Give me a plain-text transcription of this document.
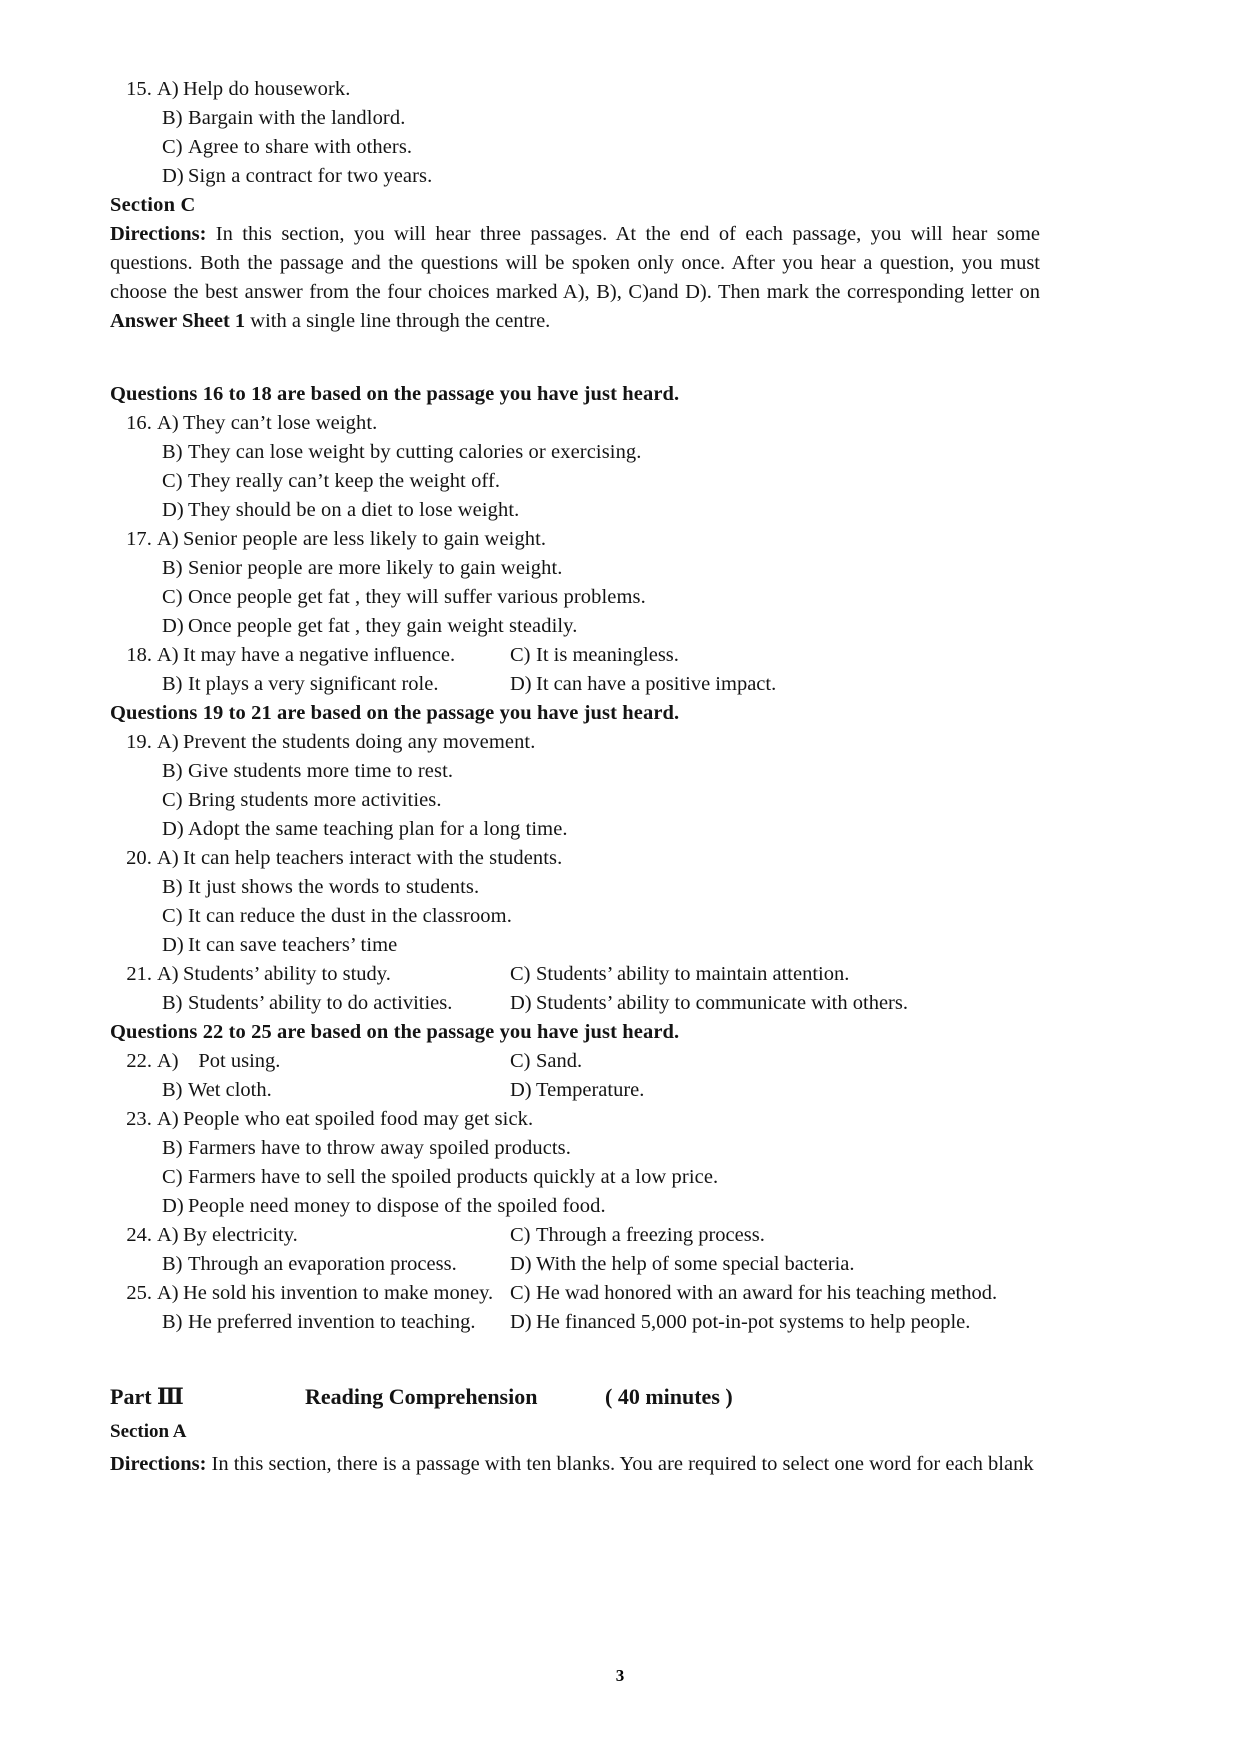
15. A) Help do housework.
B) Bargain with the landlord.
C) Agree to share with others.
D) Sign a contract for two years.
Section C
Directions: In this section, you will hear three passages. At the end of each passage, you will hear some questions. Both the passage and the questions will be spoken only once. After you hear a question, you must choose the best answer from the four choices marked A), B), C)and D). Then mark the corresponding letter on Answer Sheet 1 with a single line through the centre.
Questions 16 to 18 are based on the passage you have just heard.
16. A) They can’t lose weight.
B) They can lose weight by cutting calories or exercising.
C) They really can’t keep the weight off.
D) They should be on a diet to lose weight.
17. A) Senior people are less likely to gain weight.
B) Senior people are more likely to gain weight.
C) Once people get fat , they will suffer various problems.
D) Once people get fat , they gain weight steadily.
18. A) It may have a negative influence.	C) It is meaningless.
B) It plays a very significant role.	D) It can have a positive impact.
Questions 19 to 21 are based on the passage you have just heard.
19. A) Prevent the students doing any movement.
B) Give students more time to rest.
C) Bring students more activities.
D) Adopt the same teaching plan for a long time.
20. A) It can help teachers interact with the students.
B) It just shows the words to students.
C) It can reduce the dust in the classroom.
D) It can save teachers’ time
21. A) Students’ ability to study.	C) Students’ ability to maintain attention.
B) Students’ ability to do activities.	D) Students’ ability to communicate with others.
Questions 22 to 25 are based on the passage you have just heard.
22. A)   Pot using.	C) Sand.
B) Wet cloth.	D) Temperature.
23. A) People who eat spoiled food may get sick.
B) Farmers have to throw away spoiled products.
C) Farmers have to sell the spoiled products quickly at a low price.
D) People need money to dispose of the spoiled food.
24. A) By electricity.	C) Through a freezing process.
B) Through an evaporation process.	D) With the help of some special bacteria.
25. A) He sold his invention to make money. C) He wad honored with an award for his teaching method.
B) He preferred invention to teaching.	D) He financed 5,000 pot-in-pot systems to help people.
Part Ⅲ	Reading Comprehension	( 40 minutes )
Section A
Directions: In this section, there is a passage with ten blanks. You are required to select one word for each blank
3
